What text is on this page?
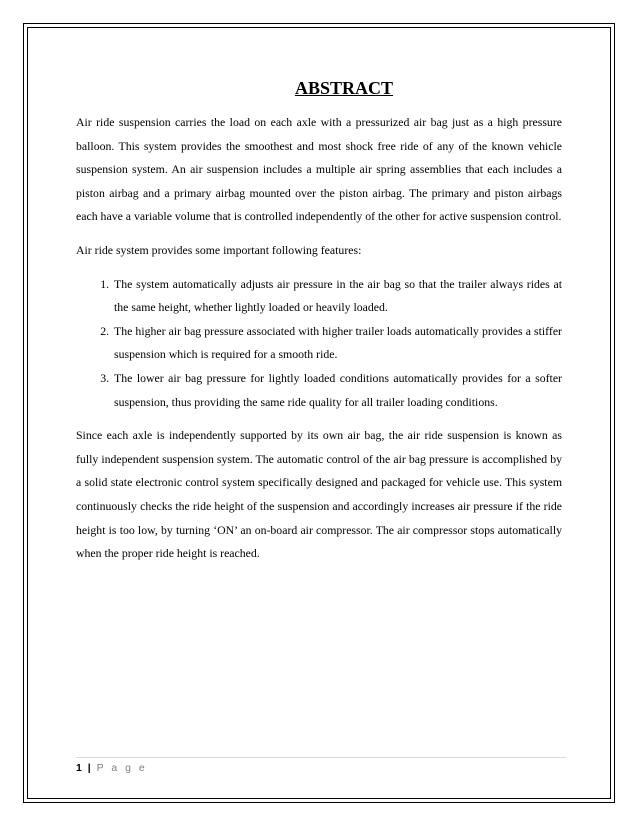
ABSTRACT

Air ride suspension carries the load on each axle with a pressurized air bag just as a high pressure balloon. This system provides the smoothest and most shock free ride of any of the known vehicle suspension system. An air suspension includes a multiple air spring assemblies that each includes a piston airbag and a primary airbag mounted over the piston airbag. The primary and piston airbags each have a variable volume that is controlled independently of the other for active suspension control.

Air ride system provides some important following features:

1. The system automatically adjusts air pressure in the air bag so that the trailer always rides at the same height, whether lightly loaded or heavily loaded.
2. The higher air bag pressure associated with higher trailer loads automatically provides a stiffer suspension which is required for a smooth ride.
3. The lower air bag pressure for lightly loaded conditions automatically provides for a softer suspension, thus providing the same ride quality for all trailer loading conditions.

Since each axle is independently supported by its own air bag, the air ride suspension is known as fully independent suspension system. The automatic control of the air bag pressure is accomplished by a solid state electronic control system specifically designed and packaged for vehicle use. This system continuously checks the ride height of the suspension and accordingly increases air pressure if the ride height is too low, by turning ‘ON’ an on-board air compressor. The air compressor stops automatically when the proper ride height is reached.

1 | P a g e
